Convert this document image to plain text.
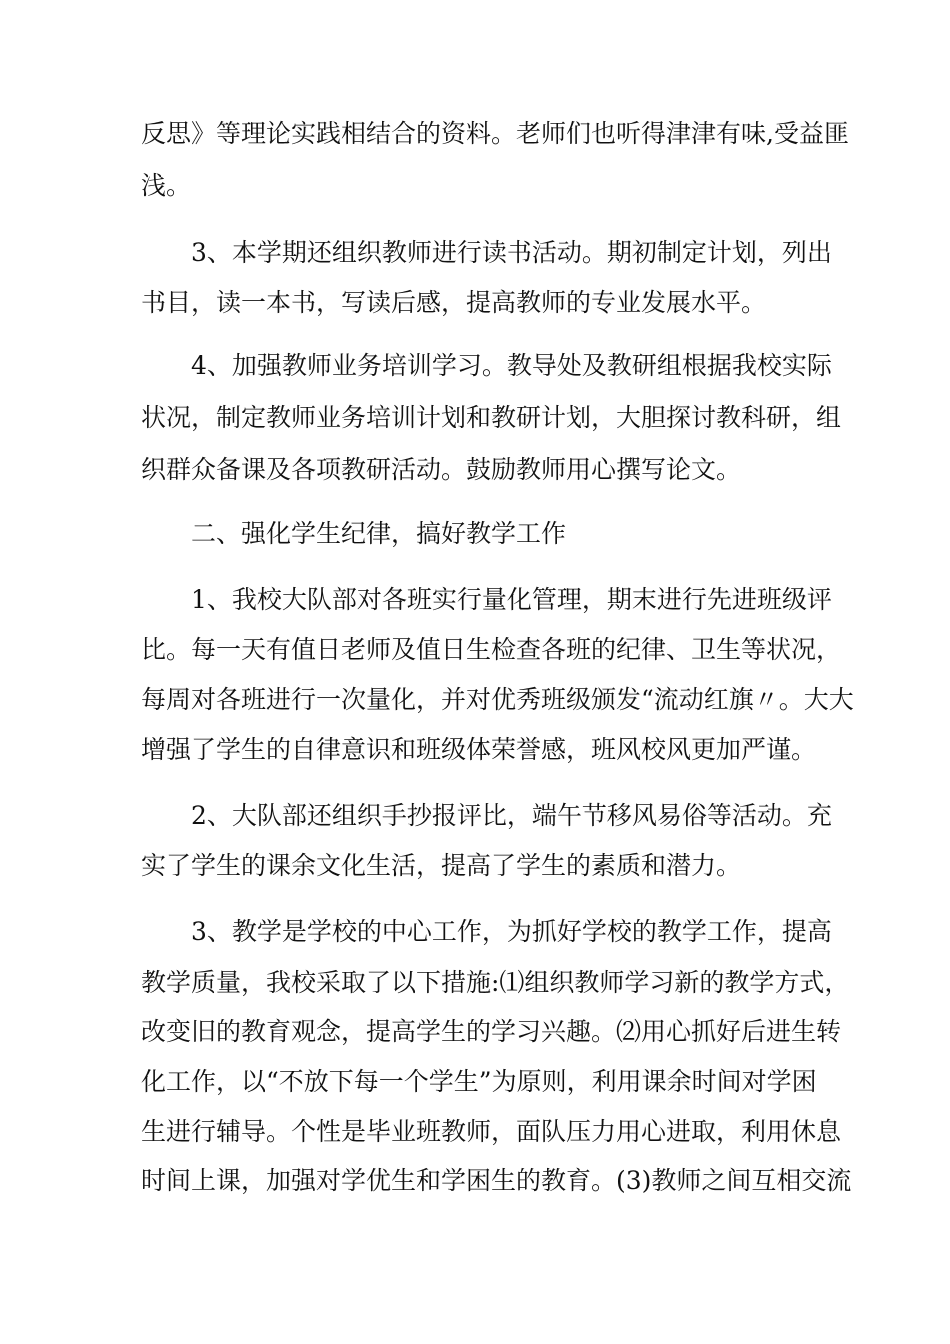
反思》等理论实践相结合的资料。老师们也听得津津有味,受益匪

浅。

3、本学期还组织教师进行读书活动。期初制定计划，列出

书目，读一本书，写读后感，提高教师的专业发展水平。

4、加强教师业务培训学习。教导处及教研组根据我校实际

状况，制定教师业务培训计划和教研计划，大胆探讨教科研，组

织群众备课及各项教研活动。鼓励教师用心撰写论文。

二、强化学生纪律，搞好教学工作

1、我校大队部对各班实行量化管理，期末进行先进班级评

比。每一天有值日老师及值日生检查各班的纪律、卫生等状况，

每周对各班进行一次量化，并对优秀班级颁发“流动红旗〃。大大

增强了学生的自律意识和班级体荣誉感，班风校风更加严谨。

2、大队部还组织手抄报评比，端午节移风易俗等活动。充

实了学生的课余文化生活，提高了学生的素质和潜力。

3、教学是学校的中心工作，为抓好学校的教学工作，提高

教学质量，我校采取了以下措施:⑴组织教师学习新的教学方式，

改变旧的教育观念，提高学生的学习兴趣。⑵用心抓好后进生转

化工作，以“不放下每一个学生”为原则，利用课余时间对学困

生进行辅导。个性是毕业班教师，面队压力用心进取，利用休息

时间上课，加强对学优生和学困生的教育。(3)教师之间互相交流
